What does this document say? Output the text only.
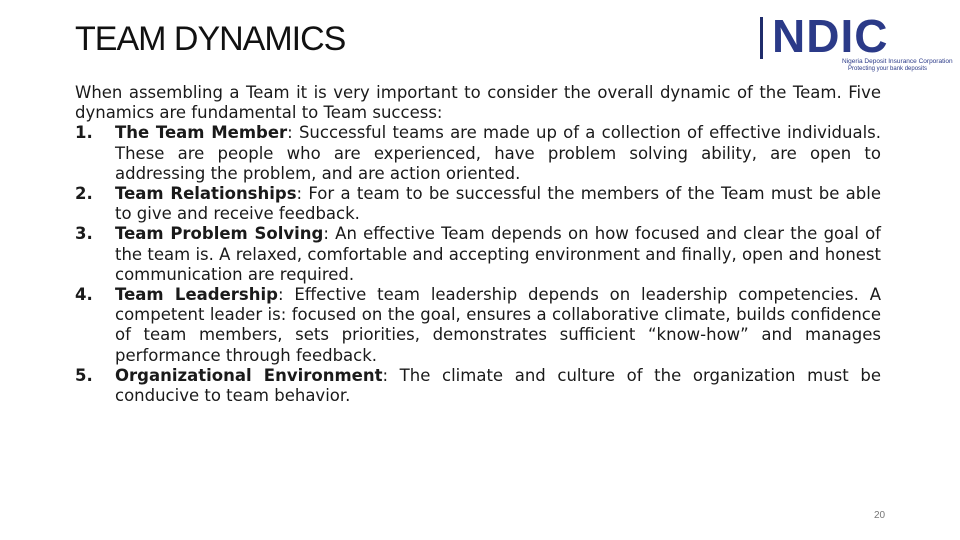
TEAM DYNAMICS	NDIC
Nigeria Deposit Insurance Corporation
Protecting your bank deposits

When assembling a Team it is very important to consider the overall dynamic of the Team. Five dynamics are fundamental to Team success:

1.	The Team Member: Successful teams are made up of a collection of effective individuals. These are people who are experienced, have problem solving ability, are open to addressing the problem, and are action oriented.
2.	Team Relationships: For a team to be successful the members of the Team must be able to give and receive feedback.
3.	Team Problem Solving: An effective Team depends on how focused and clear the goal of the team is. A relaxed, comfortable and accepting environment and finally, open and honest communication are required.
4.	Team Leadership: Effective team leadership depends on leadership competencies. A competent leader is: focused on the goal, ensures a collaborative climate, builds confidence of team members, sets priorities, demonstrates sufficient “know-how” and manages performance through feedback.
5.	Organizational Environment: The climate and culture of the organization must be conducive to team behavior.
20
